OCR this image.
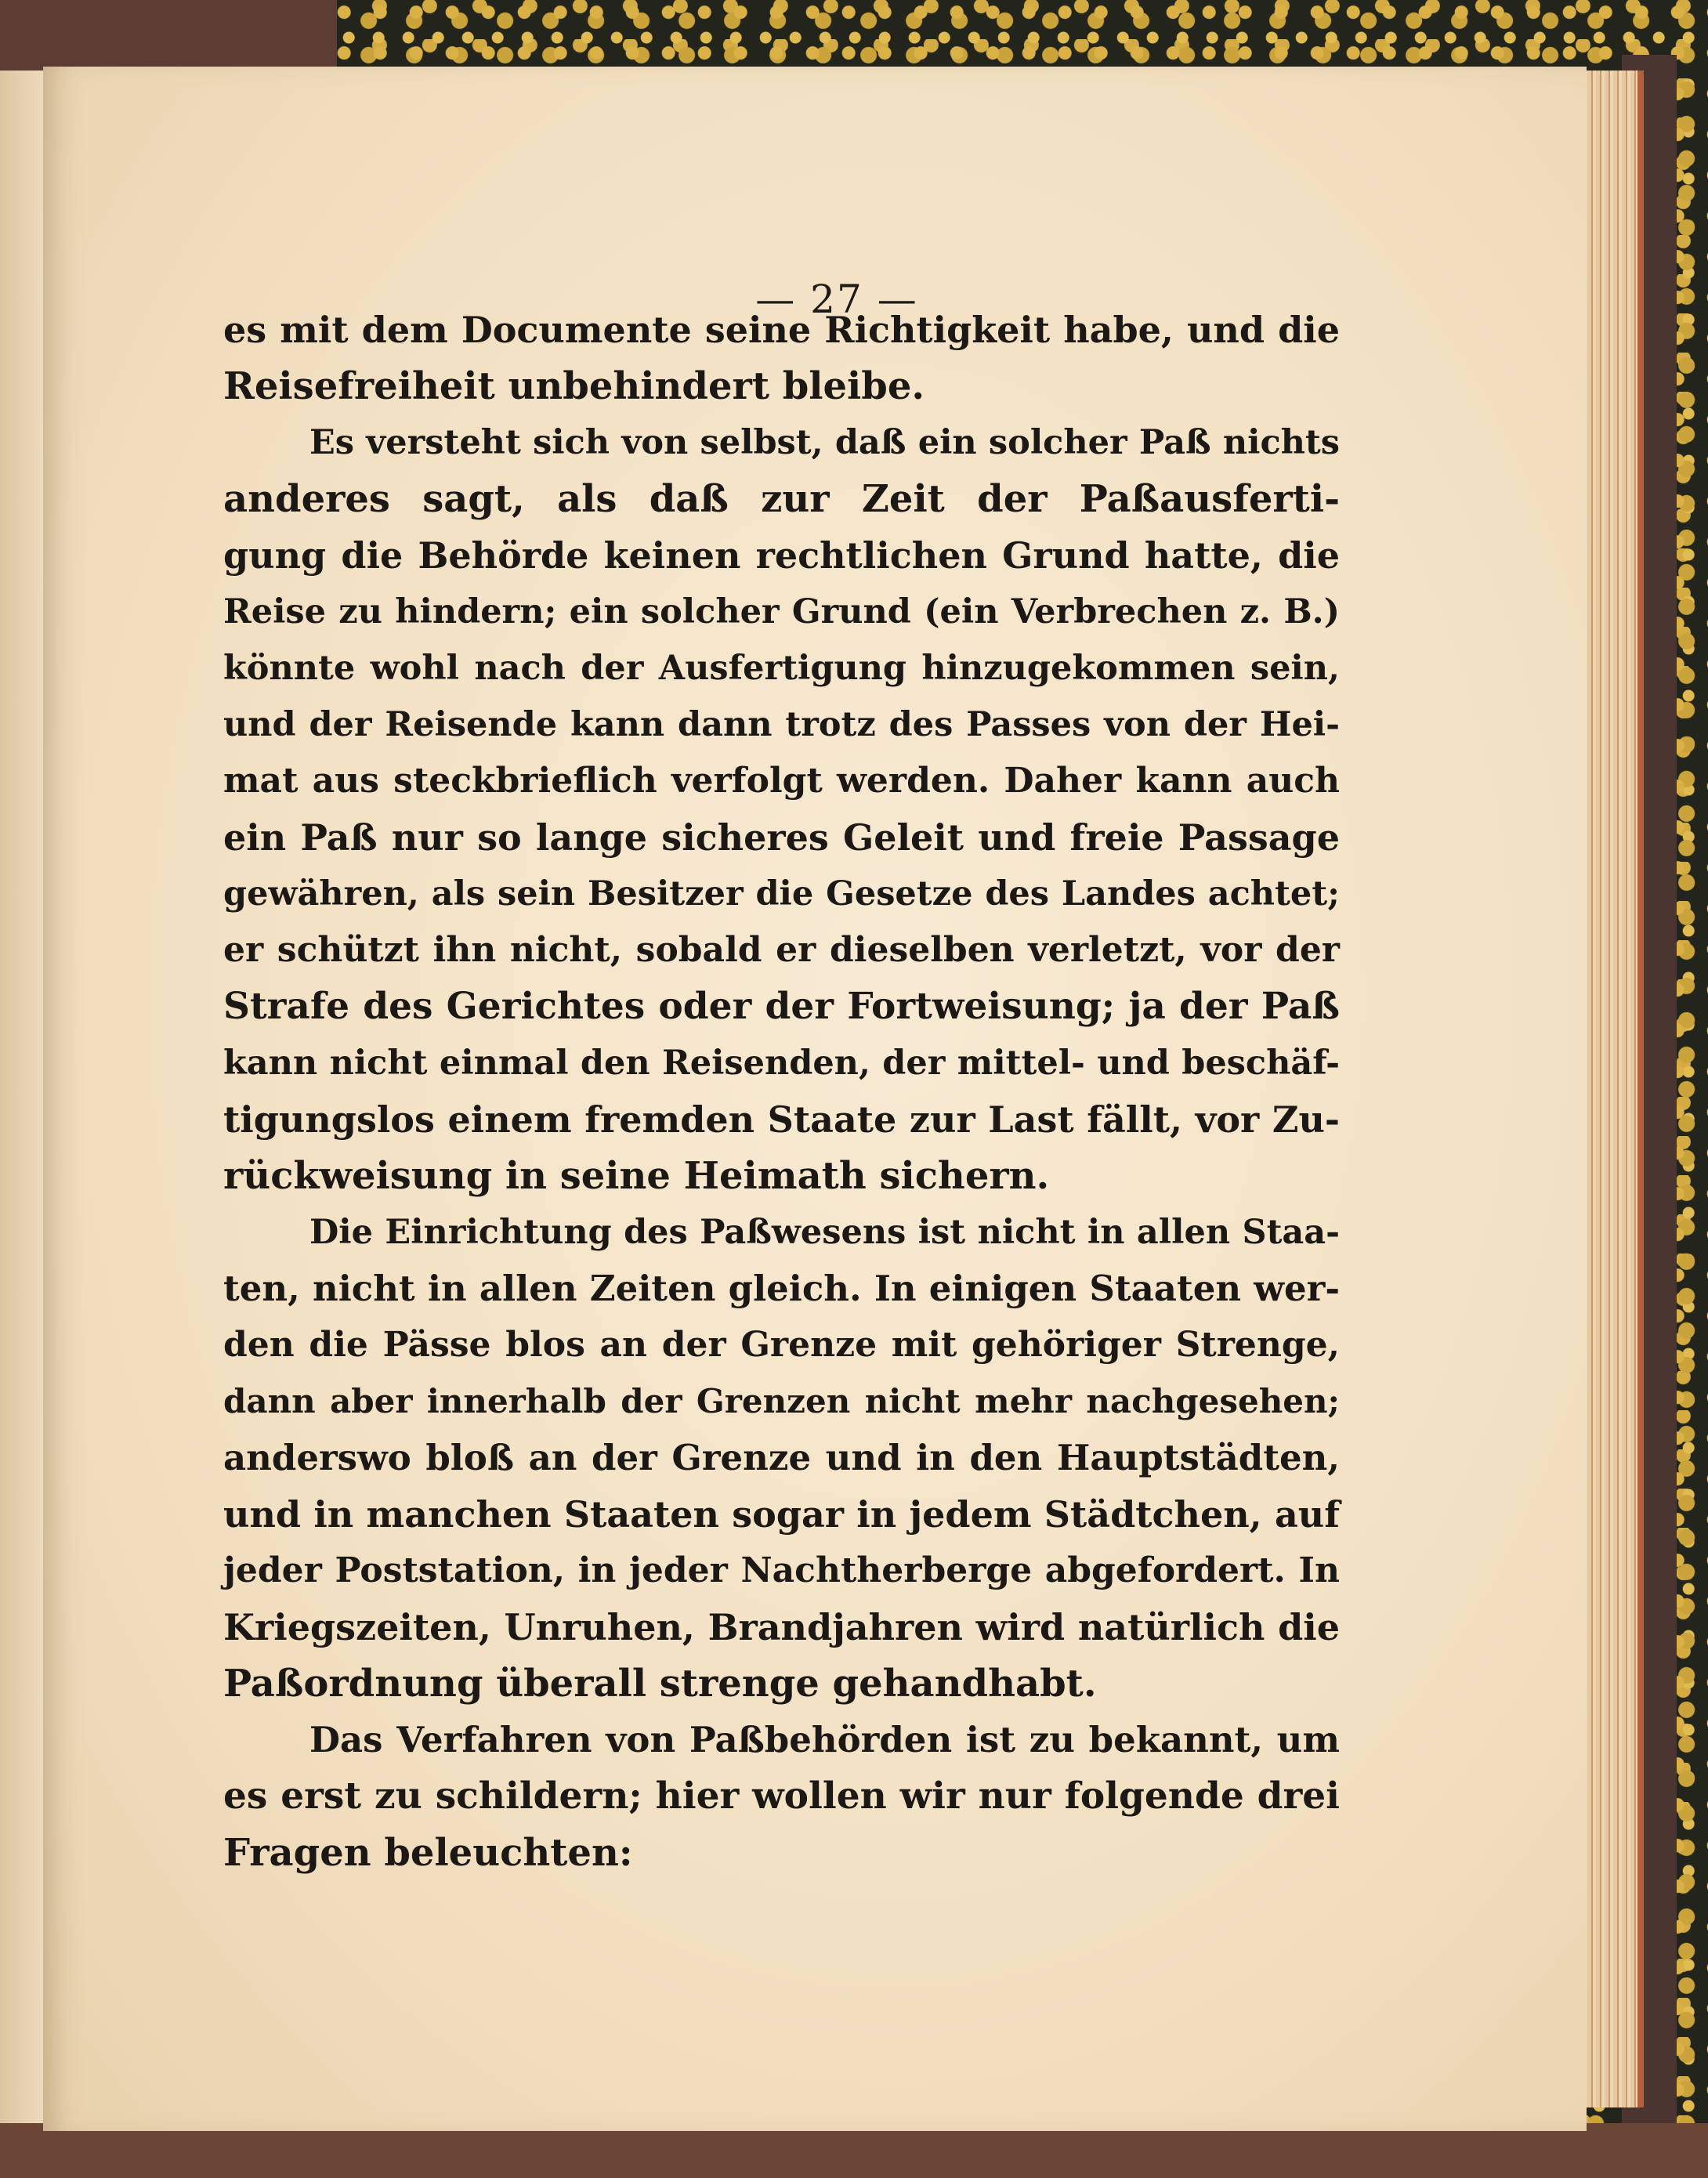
— 27 —
es mit dem Documente seine Richtigkeit habe, und die
Reisefreiheit unbehindert bleibe.
Es versteht sich von selbst, daß ein solcher Paß nichts
anderes sagt, als daß zur Zeit der Paßausferti-
gung die Behörde keinen rechtlichen Grund hatte, die
Reise zu hindern; ein solcher Grund (ein Verbrechen z. B.)
könnte wohl nach der Ausfertigung hinzugekommen sein,
und der Reisende kann dann trotz des Passes von der Hei-
mat aus steckbrieflich verfolgt werden. Daher kann auch
ein Paß nur so lange sicheres Geleit und freie Passage
gewähren, als sein Besitzer die Gesetze des Landes achtet;
er schützt ihn nicht, sobald er dieselben verletzt, vor der
Strafe des Gerichtes oder der Fortweisung; ja der Paß
kann nicht einmal den Reisenden, der mittel- und beschäf-
tigungslos einem fremden Staate zur Last fällt, vor Zu-
rückweisung in seine Heimath sichern.
Die Einrichtung des Paßwesens ist nicht in allen Staa-
ten, nicht in allen Zeiten gleich. In einigen Staaten wer-
den die Pässe blos an der Grenze mit gehöriger Strenge,
dann aber innerhalb der Grenzen nicht mehr nachgesehen;
anderswo bloß an der Grenze und in den Hauptstädten,
und in manchen Staaten sogar in jedem Städtchen, auf
jeder Poststation, in jeder Nachtherberge abgefordert. In
Kriegszeiten, Unruhen, Brandjahren wird natürlich die
Paßordnung überall strenge gehandhabt.
Das Verfahren von Paßbehörden ist zu bekannt, um
es erst zu schildern; hier wollen wir nur folgende drei
Fragen beleuchten:
